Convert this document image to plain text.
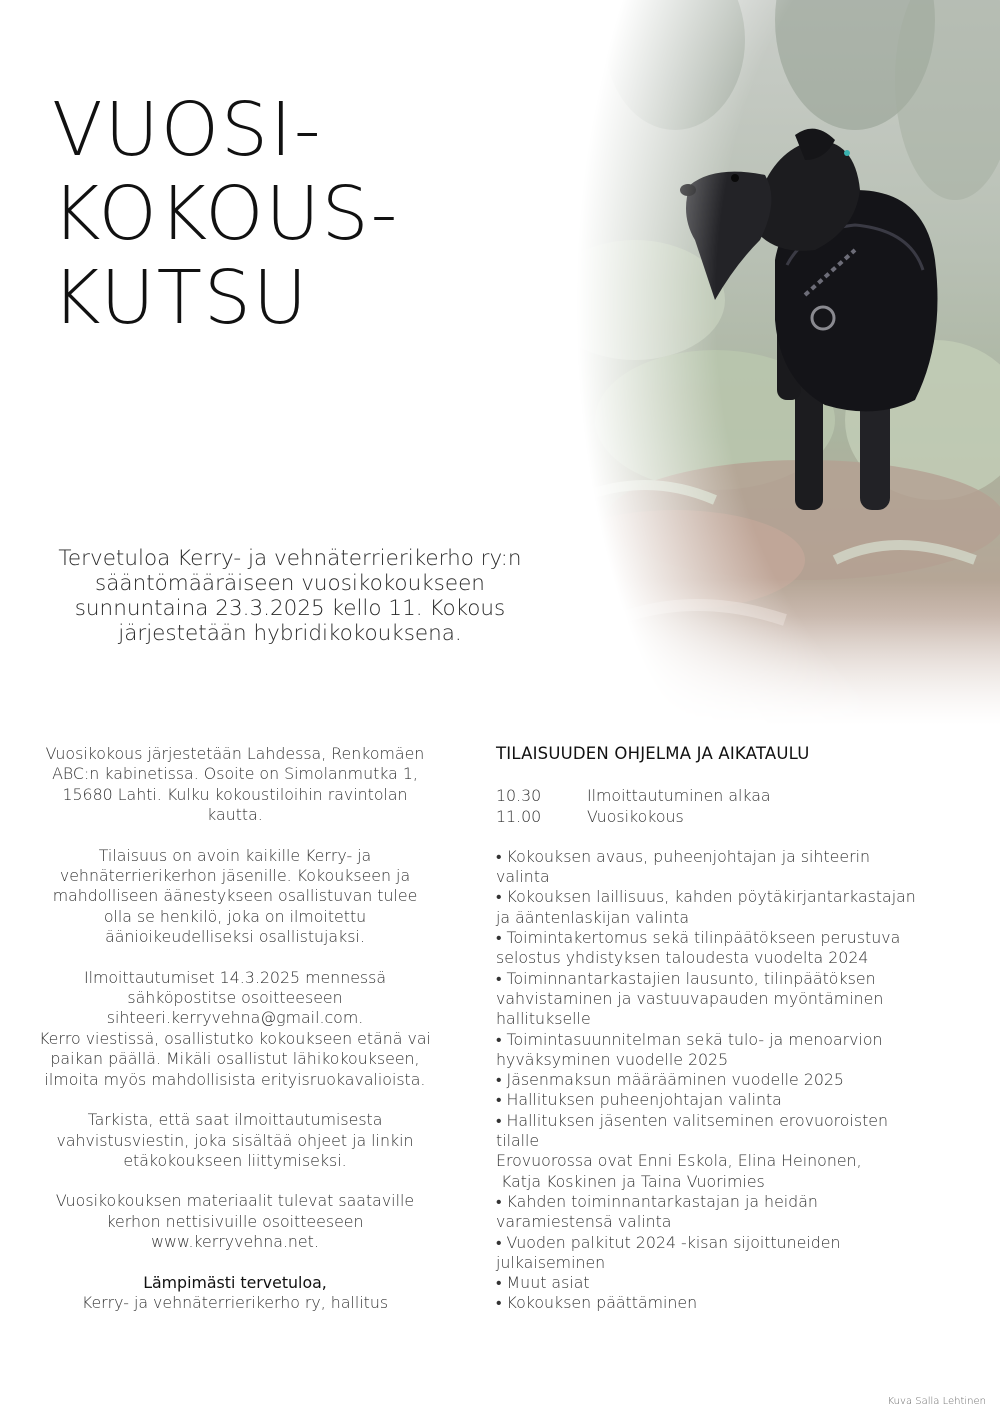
VUOSI-
KOKOUS-
KUTSU
Tervetuloa Kerry- ja vehnäterrierikerho ry:n
sääntömääräiseen vuosikokoukseen
sunnuntaina 23.3.2025 kello 11. Kokous
järjestetään hybridikokouksena.

Vuosikokous järjestetään Lahdessa, Renkomäen
ABC:n kabinetissa. Osoite on Simolanmutka 1,
15680 Lahti. Kulku kokoustiloihin ravintolan
kautta.

Tilaisuus on avoin kaikille Kerry- ja
vehnäterrierikerhon jäsenille. Kokoukseen ja
mahdolliseen äänestykseen osallistuvan tulee
olla se henkilö, joka on ilmoitettu
äänioikeudelliseksi osallistujaksi.

Ilmoittautumiset 14.3.2025 mennessä
sähköpostitse osoitteeseen
sihteeri.kerryvehna@gmail.com.
Kerro viestissä, osallistutko kokoukseen etänä vai
paikan päällä. Mikäli osallistut lähikokoukseen,
ilmoita myös mahdollisista erityisruokavalioista.

Tarkista, että saat ilmoittautumisesta
vahvistusviestin, joka sisältää ohjeet ja linkin
etäkokoukseen liittymiseksi.

Vuosikokouksen materiaalit tulevat saataville
kerhon nettisivuille osoitteeseen
www.kerryvehna.net.

Lämpimästi tervetuloa,
Kerry- ja vehnäterrierikerho ry, hallitus

TILAISUUDEN OHJELMA JA AIKATAULU
10.30	Ilmoittautuminen alkaa
11.00	Vuosikokous
• Kokouksen avaus, puheenjohtajan ja sihteerin
valinta
• Kokouksen laillisuus, kahden pöytäkirjantarkastajan
ja ääntenlaskijan valinta
• Toimintakertomus sekä tilinpäätökseen perustuva
selostus yhdistyksen taloudesta vuodelta 2024
• Toiminnantarkastajien lausunto, tilinpäätöksen
vahvistaminen ja vastuuvapauden myöntäminen
hallitukselle
• Toimintasuunnitelman sekä tulo- ja menoarvion
hyväksyminen vuodelle 2025
• Jäsenmaksun määrääminen vuodelle 2025
• Hallituksen puheenjohtajan valinta
• Hallituksen jäsenten valitseminen erovuoroisten
tilalle
Erovuorossa ovat Enni Eskola, Elina Heinonen,
Katja Koskinen ja Taina Vuorimies
• Kahden toiminnantarkastajan ja heidän
varamiestensä valinta
• Vuoden palkitut 2024 -kisan sijoittuneiden
julkaiseminen
• Muut asiat
• Kokouksen päättäminen
Kuva Salla Lehtinen
